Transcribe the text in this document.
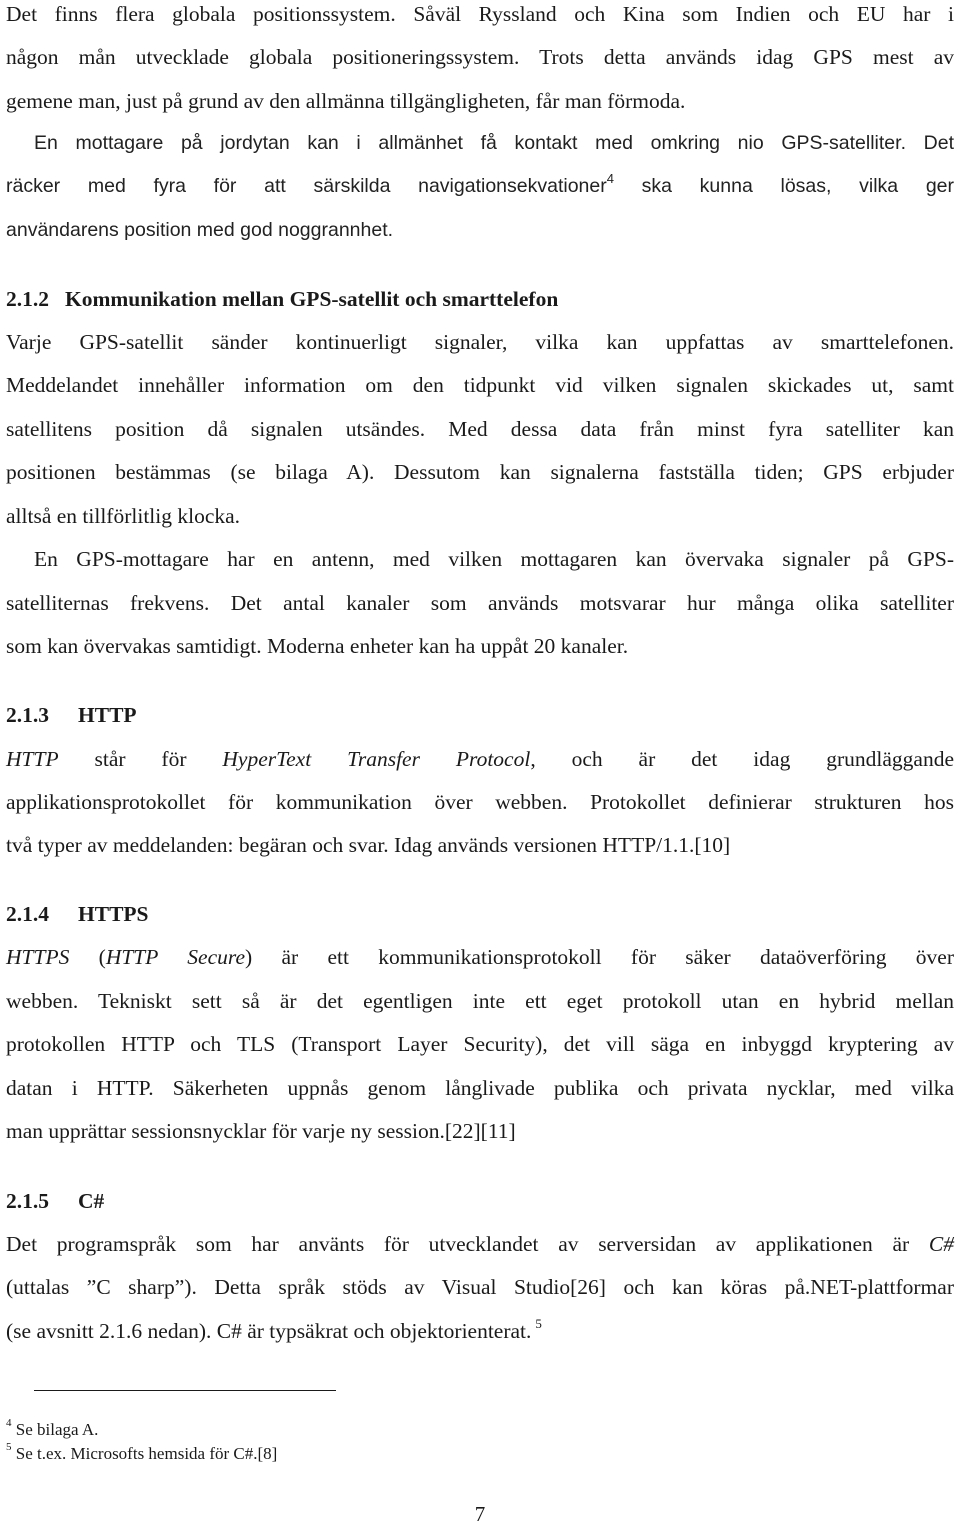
Det finns flera globala positionssystem. Såväl Ryssland och Kina som Indien och EU har i
någon mån utvecklade globala positioneringssystem. Trots detta används idag GPS mest av
gemene man, just på grund av den allmänna tillgängligheten, får man förmoda.
En mottagare på jordytan kan i allmänhet få kontakt med omkring nio GPS-satelliter. Det
räcker med fyra för att särskilda navigationsekvationer$^4$ ska kunna lösas, vilka ger
användarens position med god noggrannhet.
2.1.2 Kommunikation mellan GPS-satellit och smarttelefon
Varje GPS-satellit sänder kontinuerligt signaler, vilka kan uppfattas av smarttelefonen.
Meddelandet innehåller information om den tidpunkt vid vilken signalen skickades ut, samt
satellitens position då signalen utsändes. Med dessa data från minst fyra satelliter kan
positionen bestämmas (se bilaga A). Dessutom kan signalerna fastställa tiden; GPS erbjuder
alltså en tillförlitlig klocka.
En GPS-mottagare har en antenn, med vilken mottagaren kan övervaka signaler på GPS-
satelliternas frekvens. Det antal kanaler som används motsvarar hur många olika satelliter
som kan övervakas samtidigt. Moderna enheter kan ha uppåt 20 kanaler.
2.1.3 HTTP
HTTP står för HyperText Transfer Protocol, och är det idag grundläggande
applikationsprotokollet för kommunikation över webben. Protokollet definierar strukturen hos
två typer av meddelanden: begäran och svar. Idag används versionen HTTP/1.1.[10]
2.1.4 HTTPS
HTTPS (HTTP Secure) är ett kommunikationsprotokoll för säker dataöverföring över
webben. Tekniskt sett så är det egentligen inte ett eget protokoll utan en hybrid mellan
protokollen HTTP och TLS (Transport Layer Security), det vill säga en inbyggd kryptering av
datan i HTTP. Säkerheten uppnås genom långlivade publika och privata nycklar, med vilka
man upprättar sessionsnycklar för varje ny session.[22][11]
2.1.5 C#
Det programspråk som har använts för utvecklandet av serversidan av applikationen är C#
(uttalas ”C sharp”). Detta språk stöds av Visual Studio[26] och kan köras på.NET-plattformar
(se avsnitt 2.1.6 nedan). C# är typsäkrat och objektorienterat. $^5$
$^4$ Se bilaga A.
$^5$ Se t.ex. Microsofts hemsida för C#.[8]
7
